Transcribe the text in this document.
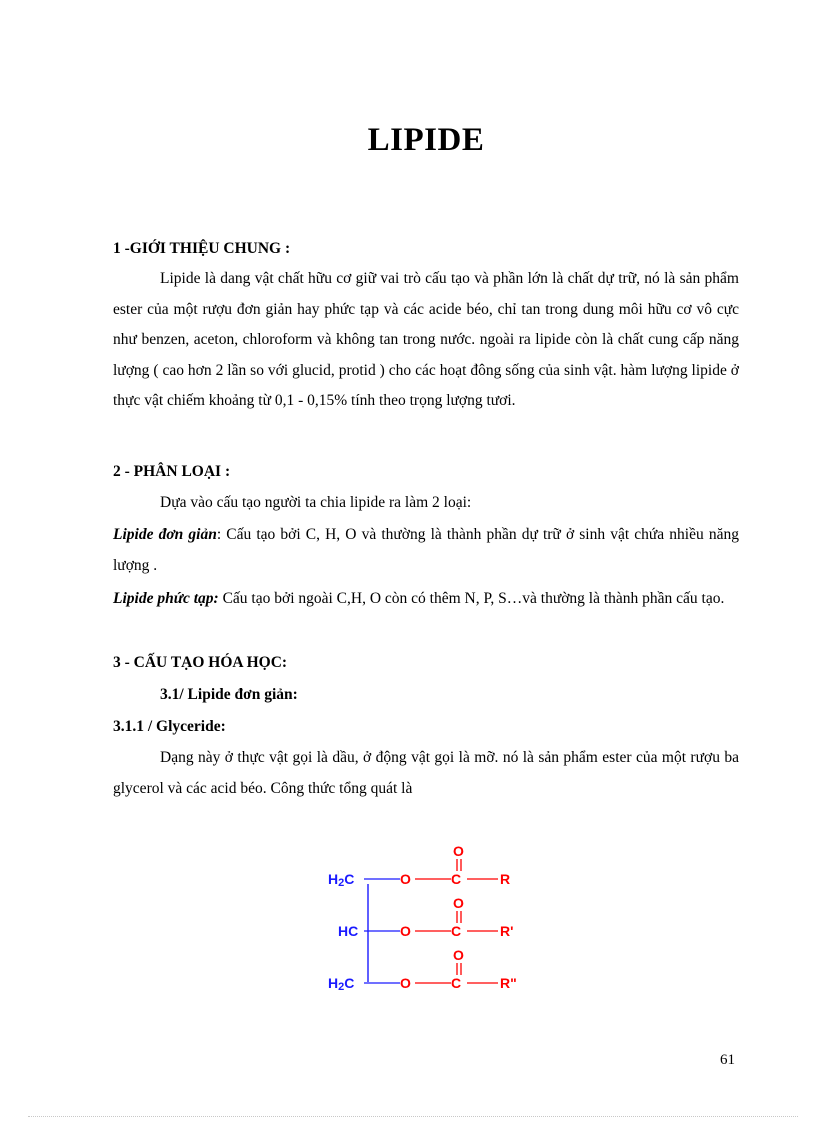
LIPIDE
1 -GIỚI THIỆU CHUNG :
Lipide là dang vật chất hữu cơ giữ vai trò cấu tạo và phần lớn là chất dự trữ, nó là sản phẩm ester của một rượu đơn giản hay phức tạp và các acide béo, chỉ tan trong dung môi hữu cơ vô cực như benzen, aceton, chloroform và không tan trong nước. ngoài ra lipide còn là chất cung cấp năng lượng ( cao hơn 2 lần so với glucid, protid ) cho các hoạt đông sống của sinh vật. hàm lượng lipide ở thực vật chiếm khoảng từ 0,1 - 0,15% tính theo trọng lượng tươi.
2 - PHÂN LOẠI :
Dựa vào cấu tạo người ta chia lipide ra làm 2 loại:
Lipide đơn giản: Cấu tạo bởi C, H, O và thường là thành phần dự trữ ở sinh vật chứa nhiều năng lượng .
Lipide phức tạp: Cấu tạo bởi ngoài C,H, O còn có thêm N, P, S…và thường là thành phần cấu tạo.
3 - CẤU TẠO HÓA HỌC:
3.1/ Lipide đơn giản:
3.1.1 / Glyceride:
Dạng này ở thực vật gọi là dầu, ở động vật gọi là mỡ. nó là sản phẩm ester của một rượu ba glycerol và các acid béo. Công thức tổng quát là
H2C	O	C
O
R
HC	O	C
O
R'
H2C	O	C
O
R"
61
